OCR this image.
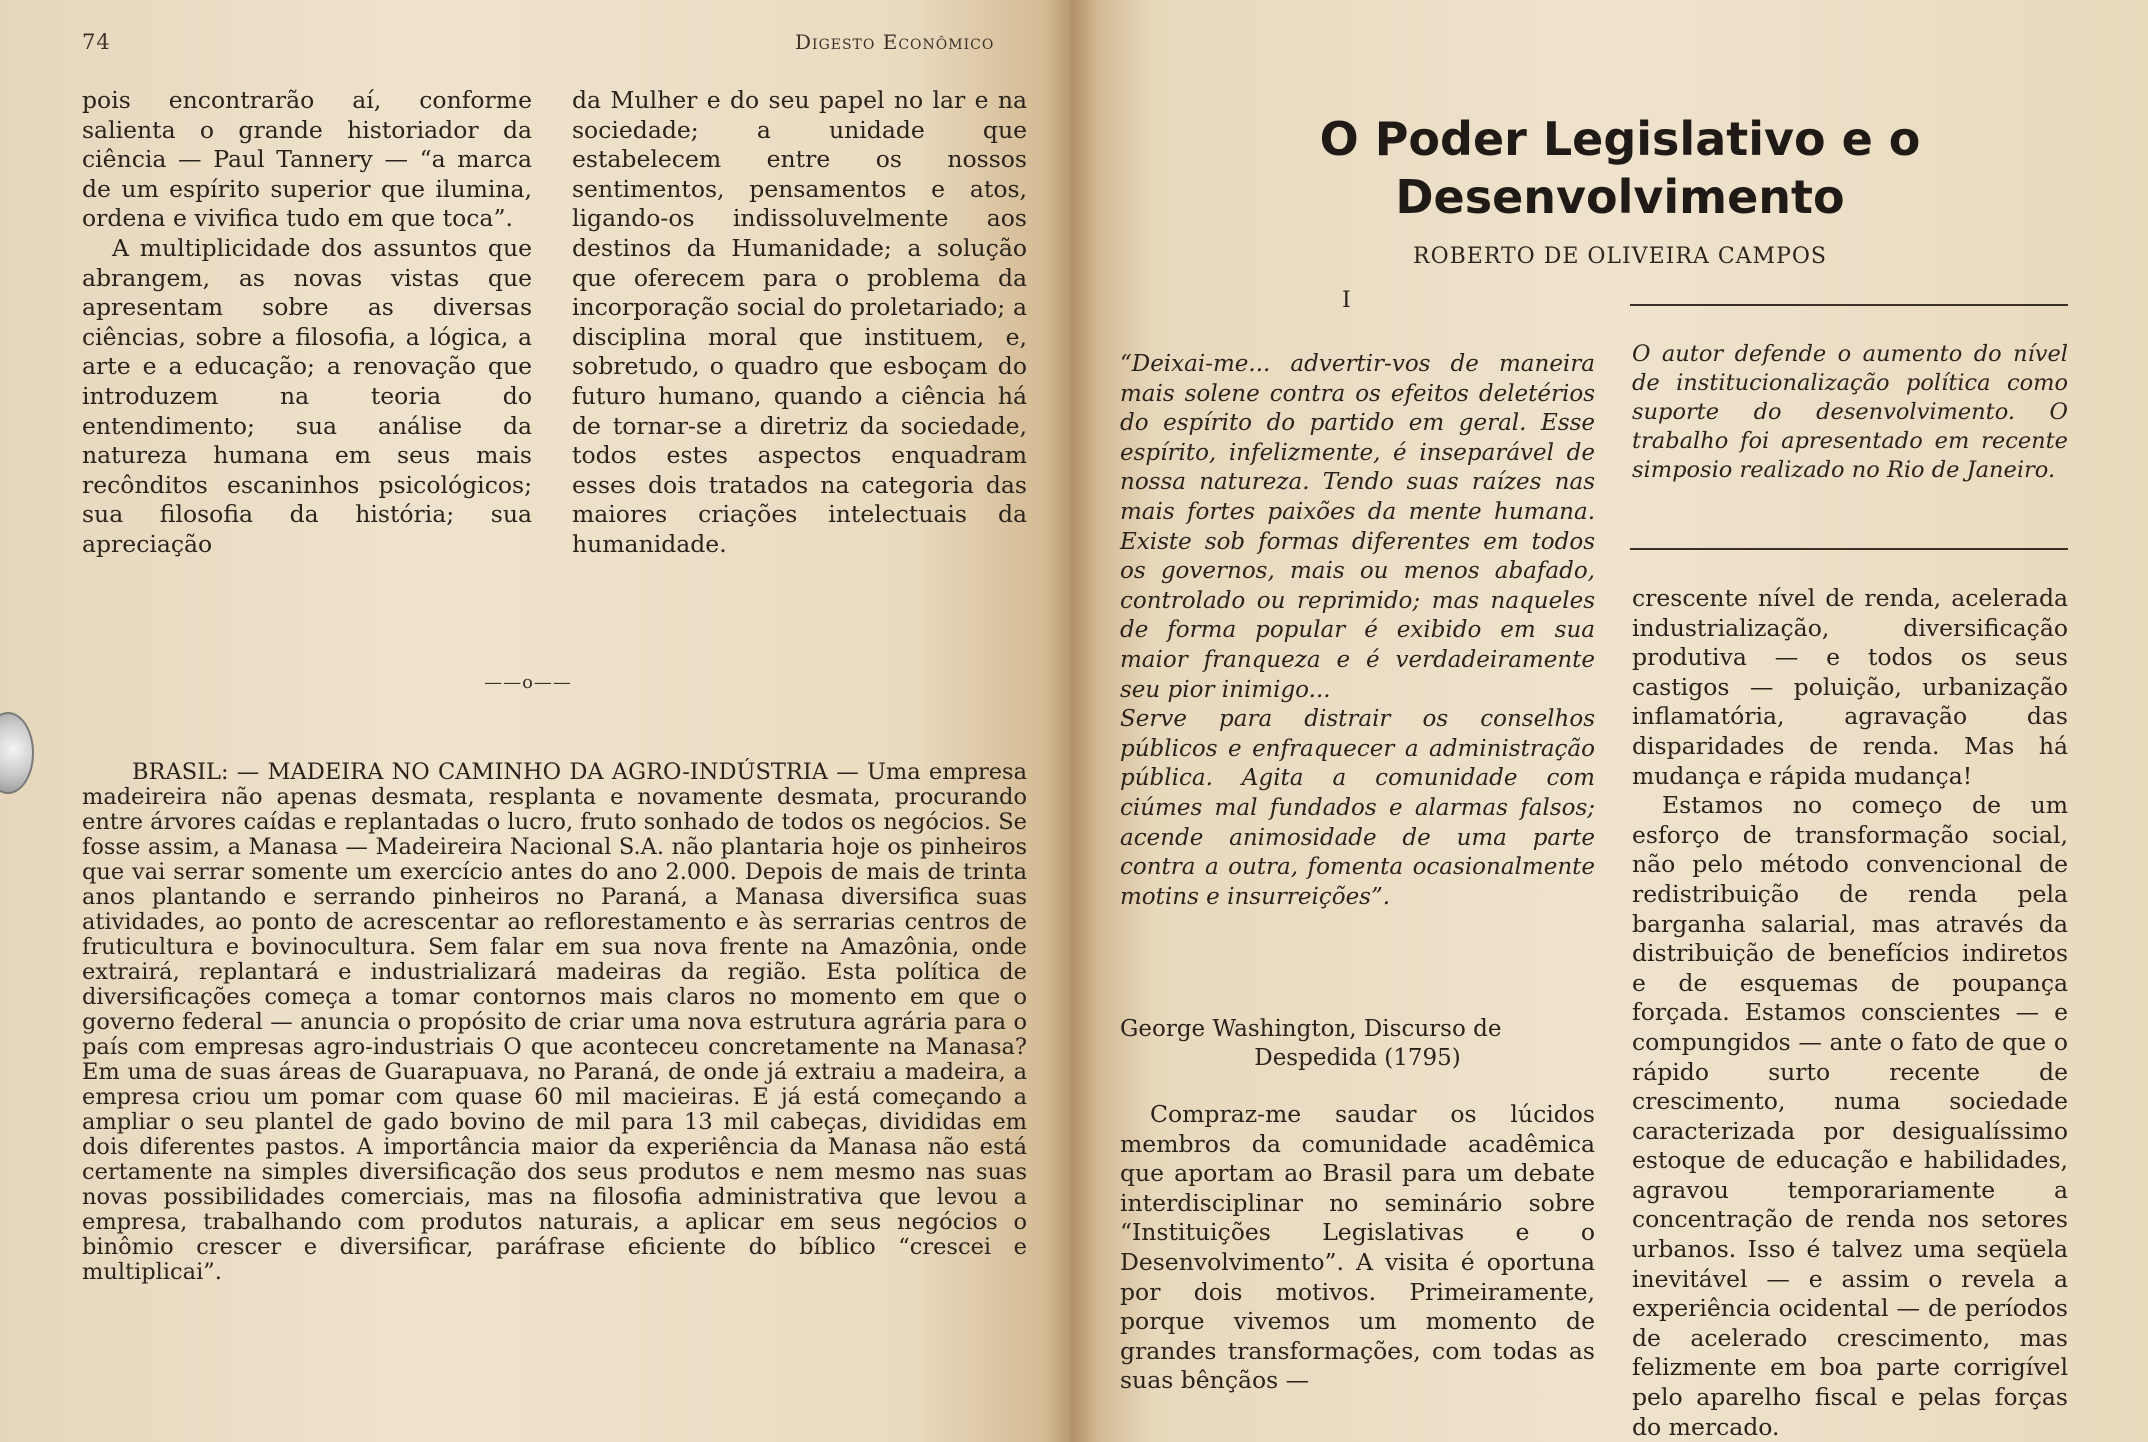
74	Digesto Econômico

pois encontrarão aí, conforme salienta o grande historiador da ciência — Paul Tannery — “a marca de um espírito superior que ilumina, ordena e vivifica tudo em que toca”.

A multiplicidade dos assuntos que abrangem, as novas vistas que apresentam sobre as diversas ciências, sobre a filosofia, a lógica, a arte e a educação; a renovação que introduzem na teoria do entendimento; sua análise da natureza humana em seus mais recônditos escaninhos psicológicos; sua filosofia da história; sua apreciação

da Mulher e do seu papel no lar e na sociedade; a unidade que estabelecem entre os nossos sentimentos, pensamentos e atos, ligando-os indissoluvelmente aos destinos da Humanidade; a solução que oferecem para o problema da incorporação social do proletariado; a disciplina moral que instituem, e, sobretudo, o quadro que esboçam do futuro humano, quando a ciência há de tornar-se a diretriz da sociedade, todos estes aspectos enquadram esses dois tratados na categoria das maiores criações intelectuais da humanidade.

——o——
BRASIL: — MADEIRA NO CAMINHO DA AGRO-INDÚSTRIA — Uma empresa madeireira não apenas desmata, resplanta e novamente desmata, procurando entre árvores caídas e replantadas o lucro, fruto sonhado de todos os negócios. Se fosse assim, a Manasa — Madeireira Nacional S.A. não plantaria hoje os pinheiros que vai serrar somente um exercício antes do ano 2.000. Depois de mais de trinta anos plantando e serrando pinheiros no Paraná, a Manasa diversifica suas atividades, ao ponto de acrescentar ao reflorestamento e às serrarias centros de fruticultura e bovinocultura. Sem falar em sua nova frente na Amazônia, onde extrairá, replantará e industrializará madeiras da região. Esta política de diversificações começa a tomar contornos mais claros no momento em que o governo federal — anuncia o propósito de criar uma nova estrutura agrária para o país com empresas agro-industriais O que aconteceu concretamente na Manasa? Em uma de suas áreas de Guarapuava, no Paraná, de onde já extraiu a madeira, a empresa criou um pomar com quase 60 mil macieiras. E já está começando a ampliar o seu plantel de gado bovino de mil para 13 mil cabeças, divididas em dois diferentes pastos. A importância maior da experiência da Manasa não está certamente na simples diversificação dos seus produtos e nem mesmo nas suas novas possibilidades comerciais, mas na filosofia administrativa que levou a empresa, trabalhando com produtos naturais, a aplicar em seus negócios o binômio crescer e diversificar, paráfrase eficiente do bíblico “crescei e multiplicai”.
O Poder Legislativo e o Desenvolvimento
ROBERTO DE OLIVEIRA CAMPOS
I
O autor defende o aumento do nível de institucionalização política como suporte do desenvolvimento. O trabalho foi apresentado em recente simposio realizado no Rio de Janeiro.

“Deixai-me... advertir-vos de maneira mais solene contra os efeitos deletérios do espírito do partido em geral. Esse espírito, infelizmente, é inseparável de nossa natureza. Tendo suas raízes nas mais fortes paixões da mente humana. Existe sob formas diferentes em todos os governos, mais ou menos abafado, controlado ou reprimido; mas naqueles de forma popular é exibido em sua maior franqueza e é verdadeiramente seu pior inimigo...

Serve para distrair os conselhos públicos e enfraquecer a administração pública. Agita a comunidade com ciúmes mal fundados e alarmas falsos; acende animosidade de uma parte contra a outra, fomenta ocasionalmente motins e insurreições”.

George Washington, Discurso de
Despedida (1795)

Compraz-me saudar os lúcidos membros da comunidade acadêmica que aportam ao Brasil para um debate interdisciplinar no seminário sobre “Instituições Legislativas e o Desenvolvimento”. A visita é oportuna por dois motivos. Primeiramente, porque vivemos um momento de grandes transformações, com todas as suas bênçãos —

crescente nível de renda, acelerada industrialização, diversificação produtiva — e todos os seus castigos — poluição, urbanização inflamatória, agravação das disparidades de renda. Mas há mudança e rápida mudança!

Estamos no começo de um esforço de transformação social, não pelo método convencional de redistribuição de renda pela barganha salarial, mas através da distribuição de benefícios indiretos e de esquemas de poupança forçada. Estamos conscientes — e compungidos — ante o fato de que o rápido surto recente de crescimento, numa sociedade caracterizada por desigualíssimo estoque de educação e habilidades, agravou temporariamente a concentração de renda nos setores urbanos. Isso é talvez uma seqüela inevitável — e assim o revela a experiência ocidental — de períodos de acelerado crescimento, mas felizmente em boa parte corrigível pelo aparelho fiscal e pelas forças do mercado.
